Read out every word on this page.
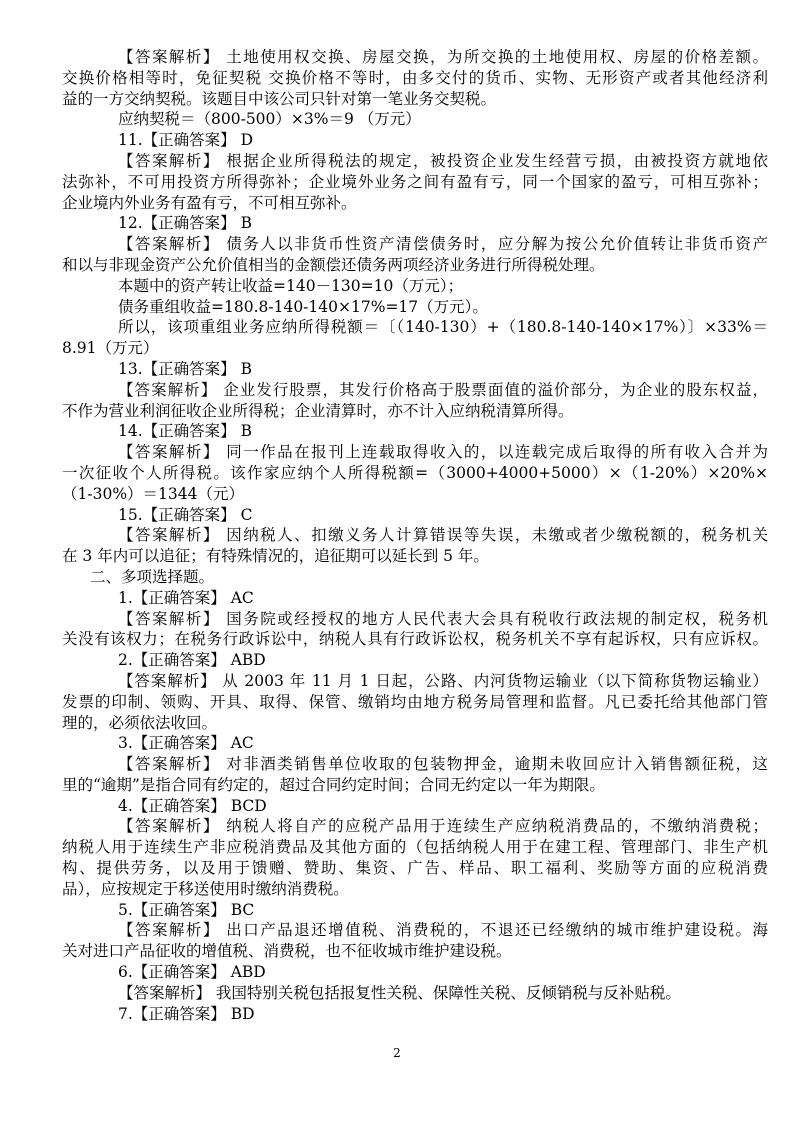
【答案解析】 土地使用权交换、房屋交换，为所交换的土地使用权、房屋的价格差额。
交换价格相等时，免征契税 交换价格不等时，由多交付的货币、实物、无形资产或者其他经济利
益的一方交纳契税。该题目中该公司只针对第一笔业务交契税。
应纳契税＝（800-500）×3%＝9 （万元）
11.【正确答案】 D
【答案解析】 根据企业所得税法的规定，被投资企业发生经营亏损，由被投资方就地依
法弥补，不可用投资方所得弥补；企业境外业务之间有盈有亏，同一个国家的盈亏，可相互弥补；
企业境内外业务有盈有亏，不可相互弥补。
12.【正确答案】 B
【答案解析】 债务人以非货币性资产清偿债务时，应分解为按公允价值转让非货币资产
和以与非现金资产公允价值相当的金额偿还债务两项经济业务进行所得税处理。
本题中的资产转让收益=140－130=10（万元）；
债务重组收益=180.8-140-140×17%=17（万元）。
所以，该项重组业务应纳所得税额＝〔（140-130）+（180.8-140-140×17%）〕×33%＝
8.91（万元）
13.【正确答案】 B
【答案解析】 企业发行股票，其发行价格高于股票面值的溢价部分，为企业的股东权益，
不作为营业利润征收企业所得税；企业清算时，亦不计入应纳税清算所得。
14.【正确答案】 B
【答案解析】 同一作品在报刊上连载取得收入的，以连载完成后取得的所有收入合并为
一次征收个人所得税。该作家应纳个人所得税额=（3000+4000+5000）×（1-20%）×20%×
（1-30%）＝1344（元）
15.【正确答案】 C
【答案解析】 因纳税人、扣缴义务人计算错误等失误，未缴或者少缴税额的，税务机关
在 3 年内可以追征；有特殊情况的，追征期可以延长到 5 年。
二、多项选择题。
1.【正确答案】 AC
【答案解析】 国务院或经授权的地方人民代表大会具有税收行政法规的制定权，税务机
关没有该权力；在税务行政诉讼中，纳税人具有行政诉讼权，税务机关不享有起诉权，只有应诉权。
2.【正确答案】 ABD
【答案解析】 从 2003 年 11 月 1 日起，公路、内河货物运输业（以下简称货物运输业）
发票的印制、领购、开具、取得、保管、缴销均由地方税务局管理和监督。凡已委托给其他部门管
理的，必须依法收回。
3.【正确答案】 AC
【答案解析】 对非酒类销售单位收取的包装物押金，逾期未收回应计入销售额征税，这
里的“逾期”是指合同有约定的，超过合同约定时间；合同无约定以一年为期限。
4.【正确答案】 BCD
【答案解析】 纳税人将自产的应税产品用于连续生产应纳税消费品的，不缴纳消费税；
纳税人用于连续生产非应税消费品及其他方面的（包括纳税人用于在建工程、管理部门、非生产机
构、提供劳务，以及用于馈赠、赞助、集资、广告、样品、职工福利、奖励等方面的应税消费
品），应按规定于移送使用时缴纳消费税。
5.【正确答案】 BC
【答案解析】 出口产品退还增值税、消费税的，不退还已经缴纳的城市维护建设税。海
关对进口产品征收的增值税、消费税，也不征收城市维护建设税。
6.【正确答案】 ABD
【答案解析】 我国特别关税包括报复性关税、保障性关税、反倾销税与反补贴税。
7.【正确答案】 BD
2
